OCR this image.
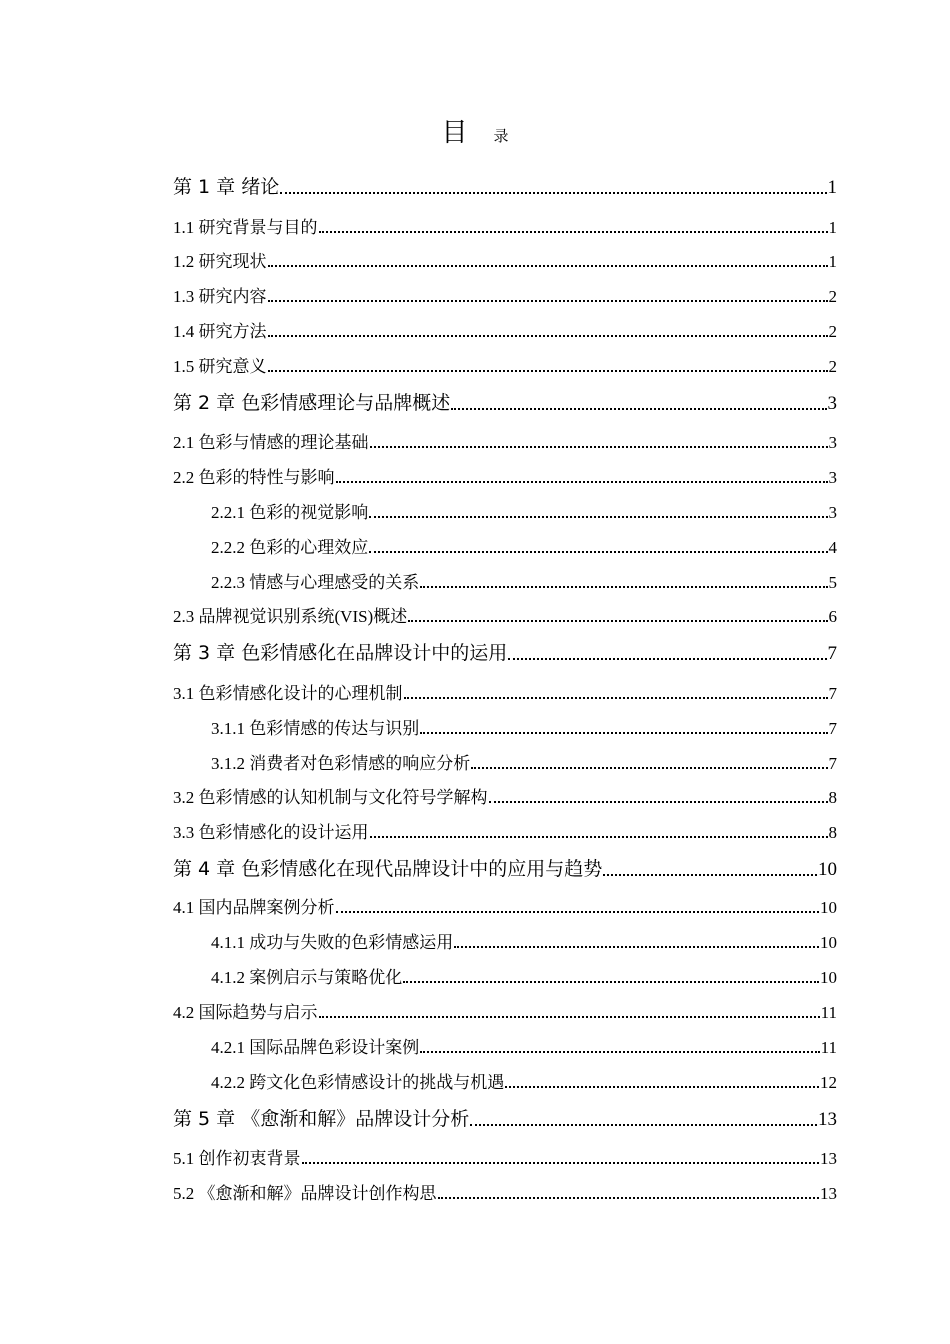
目 录
第 1 章 绪论	1
1.1 研究背景与目的	1
1.2 研究现状	1
1.3 研究内容	2
1.4 研究方法	2
1.5 研究意义	2
第 2 章 色彩情感理论与品牌概述	3
2.1 色彩与情感的理论基础	3
2.2 色彩的特性与影响	3
2.2.1 色彩的视觉影响	3
2.2.2 色彩的心理效应	4
2.2.3 情感与心理感受的关系	5
2.3 品牌视觉识别系统(VIS)概述	6
第 3 章 色彩情感化在品牌设计中的运用	7
3.1 色彩情感化设计的心理机制	7
3.1.1 色彩情感的传达与识别	7
3.1.2 消费者对色彩情感的响应分析	7
3.2 色彩情感的认知机制与文化符号学解构	8
3.3 色彩情感化的设计运用	8
第 4 章 色彩情感化在现代品牌设计中的应用与趋势	10
4.1 国内品牌案例分析	10
4.1.1 成功与失败的色彩情感运用	10
4.1.2 案例启示与策略优化	10
4.2 国际趋势与启示	11
4.2.1 国际品牌色彩设计案例	11
4.2.2 跨文化色彩情感设计的挑战与机遇	12
第 5 章 《愈渐和解》品牌设计分析	13
5.1 创作初衷背景	13
5.2 《愈渐和解》品牌设计创作构思	13
